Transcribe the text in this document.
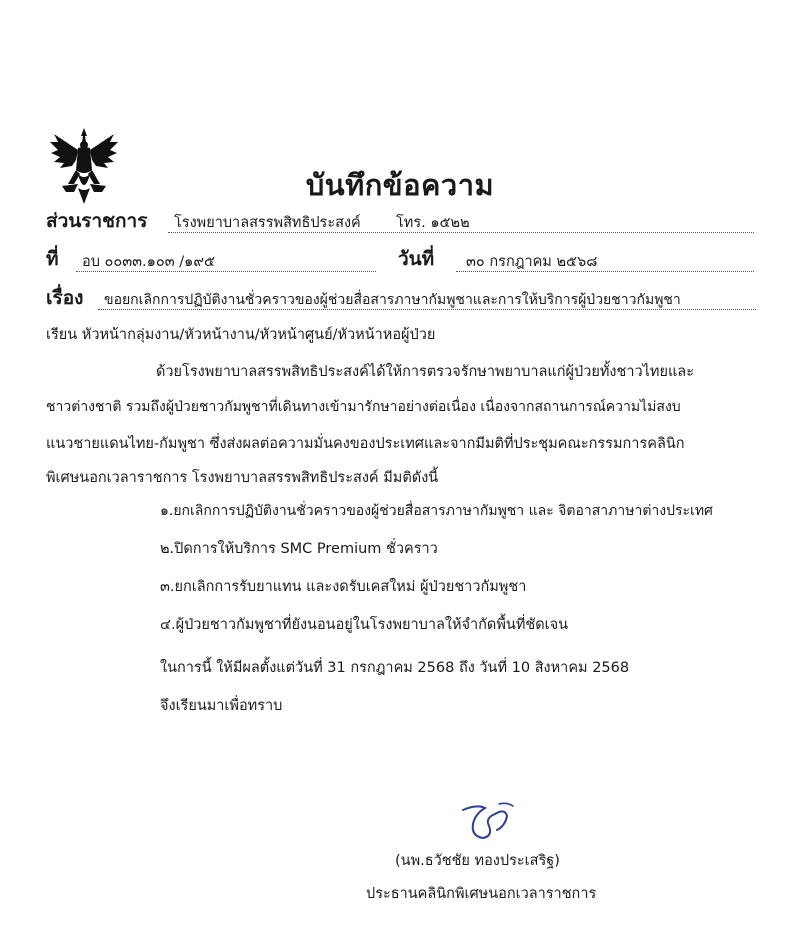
บันทึกข้อความ
ส่วนราชการ โรงพยาบาลสรรพสิทธิประสงค์ โทร. ๑๕๒๒
ที่ อบ ๐๐๓๓.๑๐๓ /๑๙๕	วันที่ ๓๐ กรกฎาคม ๒๕๖๘
เรื่อง ขอยกเลิกการปฏิบัติงานชั่วคราวของผู้ช่วยสื่อสารภาษากัมพูชาและการให้บริการผู้ป่วยชาวกัมพูชา
เรียน หัวหน้ากลุ่มงาน/หัวหน้างาน/หัวหน้าศูนย์/หัวหน้าหอผู้ป่วย
ด้วยโรงพยาบาลสรรพสิทธิประสงค์ได้ให้การตรวจรักษาพยาบาลแก่ผู้ป่วยทั้งชาวไทยและ
ชาวต่างชาติ รวมถึงผู้ป่วยชาวกัมพูชาที่เดินทางเข้ามารักษาอย่างต่อเนื่อง เนื่องจากสถานการณ์ความไม่สงบ
แนวชายแดนไทย-กัมพูชา ซึ่งส่งผลต่อความมั่นคงของประเทศและจากมีมติที่ประชุมคณะกรรมการคลินิก
พิเศษนอกเวลาราชการ โรงพยาบาลสรรพสิทธิประสงค์ มีมติดังนี้
๑.ยกเลิกการปฏิบัติงานชั่วคราวของผู้ช่วยสื่อสารภาษากัมพูชา และ จิตอาสาภาษาต่างประเทศ
๒.ปิดการให้บริการ SMC Premium ชั่วคราว
๓.ยกเลิกการรับยาแทน และงดรับเคสใหม่ ผู้ป่วยชาวกัมพูชา
๔.ผู้ป่วยชาวกัมพูชาที่ยังนอนอยู่ในโรงพยาบาลให้จำกัดพื้นที่ชัดเจน
ในการนี้ ให้มีผลตั้งแต่วันที่ 31 กรกฎาคม 2568 ถึง วันที่ 10 สิงหาคม 2568
จึงเรียนมาเพื่อทราบ
(นพ.ธวัชชัย ทองประเสริฐ)
ประธานคลินิกพิเศษนอกเวลาราชการ
